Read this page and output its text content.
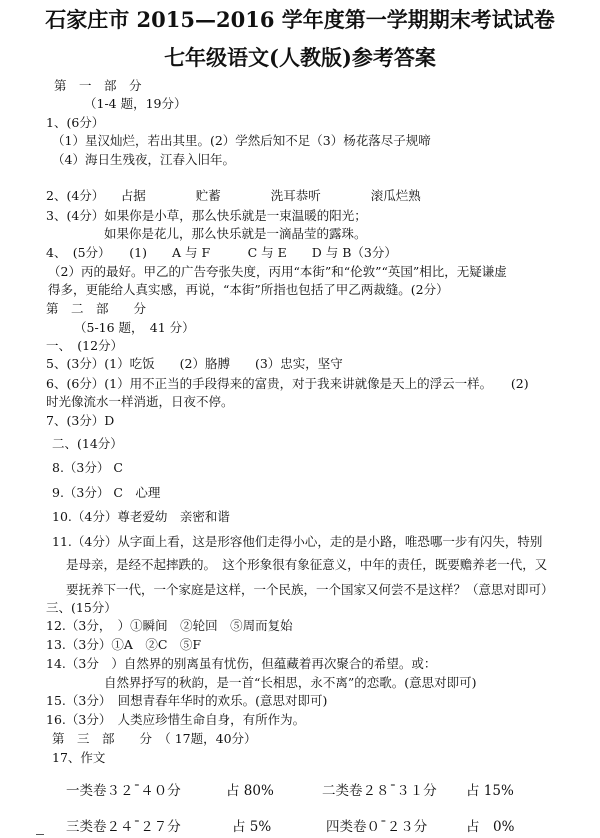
石家庄市 2015—2016 学年度第一学期期末考试试卷
七年级语文(人教版)参考答案
第　一　部　分
（1-4 题，19分）
1、(6分）
（1）星汉灿烂，若出其里。(2）学然后知不足（3）杨花落尽子规啼
（4）海日生残夜，江春入旧年。
2、(4分） 　占据　　　　贮蓄　　　　洗耳恭听　　　　滚瓜烂熟
3、(4分）如果你是小草，那么快乐就是一束温暖的阳光；
如果你是花儿，那么快乐就是一滴晶莹的露珠。
4、　(5分）　　(1)　　A 与 F　　　C 与 E　　D 与 B（3分）
（2）丙的最好。甲乙的广告夸张失度，丙用“本街”和“伦敦”“英国”相比，无疑谦虚
得多，更能给人真实感，再说，“本街”所指也包括了甲乙两裁缝。(2分）
第　二　部　　分
（5-16 题，　41 分）
一、　(12分）
5、(3分）(1）吃饭　　(2）胳膊　　(3）忠实，坚守
6、(6分）(1）用不正当的手段得来的富贵，对于我来讲就像是天上的浮云一样。　　(2)
时光像流水一样消逝，日夜不停。
7、(3分）D
二、(14分）
8.（3分） C
9.（3分） C　心理
10.（4分）尊老爱幼　亲密和谐
11.（4分）从字面上看，这是形容他们走得小心，走的是小路，唯恐哪一步有闪失，特别
是母亲，是经不起摔跌的。　这个形象很有象征意义，中年的责任，既要赡养老一代，又
要抚养下一代，一个家庭是这样，一个民族，一个国家又何尝不是这样？（意思对即可）
三、(15分）
12.（3分，　）①瞬间　②轮回　⑤周而复始
13.（3分）①A　②C　⑤F
14.（3分　）自然界的别离虽有忧伤，但蕴藏着再次聚合的希望。或：
自然界抒写的秋韵，是一首“长相思，永不离”的恋歌。(意思对即可)
15.（3分）　回想青春年华时的欢乐。(意思对即可)
16.（3分）　人类应珍惜生命自身，有所作为。
第　三　部　　分　（ 17题，40分）
17、作文
一类卷３２¯４０分	占 80%	二类卷２８¯３１分 占 15%
三类卷２４¯２７分	占 5%	四类卷０¯２３分	占　0%
